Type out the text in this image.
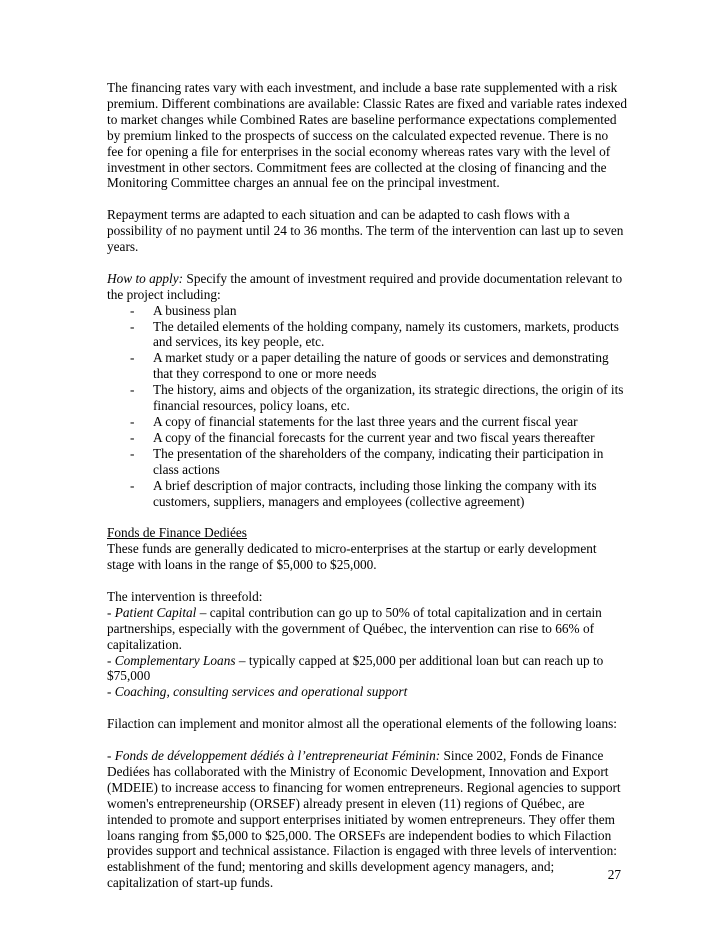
The financing rates vary with each investment, and include a base rate supplemented with a risk premium. Different combinations are available: Classic Rates are fixed and variable rates indexed to market changes while Combined Rates are baseline performance expectations complemented by premium linked to the prospects of success on the calculated expected revenue. There is no fee for opening a file for enterprises in the social economy whereas rates vary with the level of investment in other sectors. Commitment fees are collected at the closing of financing and the Monitoring Committee charges an annual fee on the principal investment.

Repayment terms are adapted to each situation and can be adapted to cash flows with a possibility of no payment until 24 to 36 months. The term of the intervention can last up to seven years.

How to apply: Specify the amount of investment required and provide documentation relevant to the project including:

- A business plan
- The detailed elements of the holding company, namely its customers, markets, products and services, its key people, etc.
- A market study or a paper detailing the nature of goods or services and demonstrating that they correspond to one or more needs
- The history, aims and objects of the organization, its strategic directions, the origin of its financial resources, policy loans, etc.
- A copy of financial statements for the last three years and the current fiscal year
- A copy of the financial forecasts for the current year and two fiscal years thereafter
- The presentation of the shareholders of the company, indicating their participation in class actions
- A brief description of major contracts, including those linking the company with its customers, suppliers, managers and employees (collective agreement)

Fonds de Finance Dediées

These funds are generally dedicated to micro-enterprises at the startup or early development stage with loans in the range of $5,000 to $25,000.

The intervention is threefold:

- Patient Capital – capital contribution can go up to 50% of total capitalization and in certain partnerships, especially with the government of Québec, the intervention can rise to 66% of capitalization.

- Complementary Loans – typically capped at $25,000 per additional loan but can reach up to $75,000

- Coaching, consulting services and operational support

Filaction can implement and monitor almost all the operational elements of the following loans:

- Fonds de développement dédiés à l’entrepreneuriat Féminin: Since 2002, Fonds de Finance Dediées has collaborated with the Ministry of Economic Development, Innovation and Export (MDEIE) to increase access to financing for women entrepreneurs. Regional agencies to support women's entrepreneurship (ORSEF) already present in eleven (11) regions of Québec, are intended to promote and support enterprises initiated by women entrepreneurs. They offer them loans ranging from $5,000 to $25,000. The ORSEFs are independent bodies to which Filaction provides support and technical assistance. Filaction is engaged with three levels of intervention: establishment of the fund; mentoring and skills development agency managers, and; capitalization of start-up funds.

27
